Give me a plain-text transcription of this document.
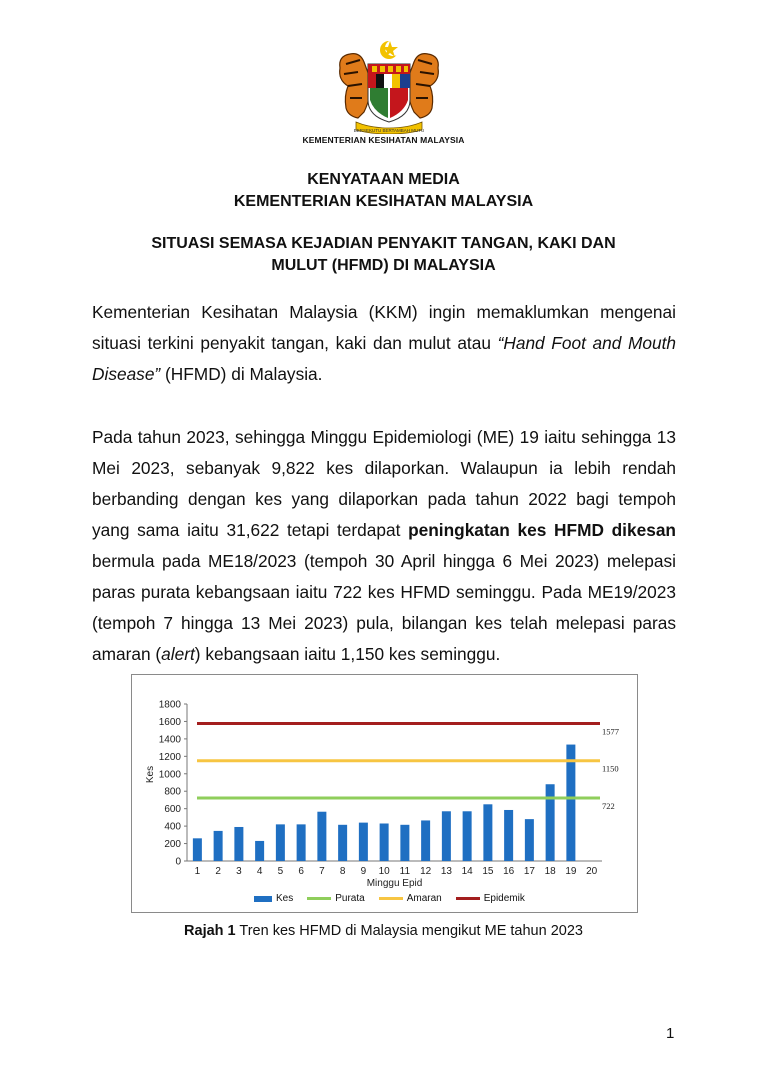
BERSEKUTU BERTAMBAH MUTU
KEMENTERIAN KESIHATAN MALAYSIA
KENYATAAN MEDIA
KEMENTERIAN KESIHATAN MALAYSIA
SITUASI SEMASA KEJADIAN PENYAKIT TANGAN, KAKI DAN
MULUT (HFMD) DI MALAYSIA

Kementerian Kesihatan Malaysia (KKM) ingin memaklumkan mengenai situasi terkini penyakit tangan, kaki dan mulut atau “Hand Foot and Mouth Disease” (HFMD) di Malaysia.

Pada tahun 2023, sehingga Minggu Epidemiologi (ME) 19 iaitu sehingga 13 Mei 2023, sebanyak 9,822 kes dilaporkan. Walaupun ia lebih rendah berbanding dengan kes yang dilaporkan pada tahun 2022 bagi tempoh yang sama iaitu 31,622 tetapi terdapat peningkatan kes HFMD dikesan bermula pada ME18/2023 (tempoh 30 April hingga 6 Mei 2023) melepasi paras purata kebangsaan iaitu 722 kes HFMD seminggu. Pada ME19/2023 (tempoh 7 hingga 13 Mei 2023) pula, bilangan kes telah melepasi paras amaran (alert) kebangsaan iaitu 1,150 kes seminggu.

0
200
400
600
800
1000
1200
1400
1600
1800
1 2 3 4 5 6 7 8 9 10 11 12 13 14 15 16 17 18 19 20
722
1150
1577
Minggu Epid
Kes
Kes	Purata	Amaran	Epidemik
Rajah 1 Tren kes HFMD di Malaysia mengikut ME tahun 2023
1
